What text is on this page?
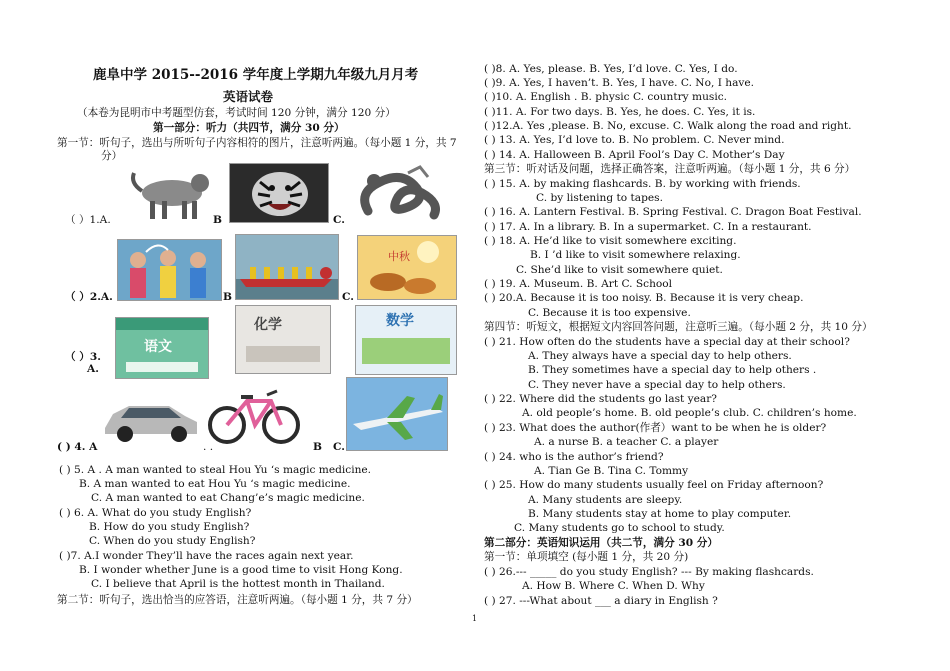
鹿阜中学 2015--2016 学年度上学期九年级九月月考
英语试卷
（本卷为昆明市中考题型仿套，考试时间 120 分钟，满分 120 分）
第一部分：听力（共四节，满分 30 分）
第一节：听句子，选出与所听句子内容相符的图片，注意听两遍。（每小题 1 分，共 7
分）
（ ）1.A.	B	C.
（ ）2.A.	B	C.
中秋
（ ）3.
A.
语文
化学	数学
( ) 4. A	. .	B C.
( ) 5. A . A man wanted to steal Hou Yu ‘s magic medicine.
B. A man wanted to eat Hou Yu ‘s magic medicine.
C. A man wanted to eat Chang’e’s magic medicine.
( ) 6. A. What do you study English?
B. How do you study English?
C. When do you study English?
( )7. A.I wonder They’ll have the races again next year.
B. I wonder whether June is a good time to visit Hong Kong.
C. I believe that April is the hottest month in Thailand.
第二节：听句子，选出恰当的应答语，注意听两遍。（每小题 1 分，共 7 分）
( )8. A. Yes, please. B. Yes, I’d love. C. Yes, I do.
( )9. A. Yes, I haven’t. B. Yes, I have. C. No, I have.
( )10. A. English . B. physic C. country music.
( )11. A. For two days. B. Yes, he does. C. Yes, it is.
( )12.A. Yes ,please. B. No, excuse. C. Walk along the road and right.
( ) 13. A. Yes, I’d love to. B. No problem. C. Never mind.
( ) 14. A. Halloween B. April Fool’s Day C. Mother’s Day
第三节：听对话及问题，选择正确答案，注意听两遍。（每小题 1 分，共 6 分）
( ) 15. A. by making flashcards. B. by working with friends.
C. by listening to tapes.
( ) 16. A. Lantern Festival. B. Spring Festival. C. Dragon Boat Festival.
( ) 17. A. In a library. B. In a supermarket. C. In a restaurant.
( ) 18. A. He’d like to visit somewhere exciting.
B. I ’d like to visit somewhere relaxing.
C. She’d like to visit somewhere quiet.
( ) 19. A. Museum. B. Art C. School
( ) 20.A. Because it is too noisy. B. Because it is very cheap.
C. Because it is too expensive.
第四节：听短文，根据短文内容回答问题，注意听三遍。（每小题 2 分，共 10 分）
( ) 21. How often do the students have a special day at their school?
A. They always have a special day to help others.
B. They sometimes have a special day to help others .
C. They never have a special day to help others.
( ) 22. Where did the students go last year?
A. old people’s home. B. old people’s club. C. children’s home.
( ) 23. What does the author(作者）want to be when he is older?
A. a nurse B. a teacher C. a player
( ) 24. who is the author’s friend?
A. Tian Ge B. Tina C. Tommy
( ) 25. How do many students usually feel on Friday afternoon?
A. Many students are sleepy.
B. Many students stay at home to play computer.
C. Many students go to school to study.
第二部分：英语知识运用（共二节，满分 30 分）
第一节：单项填空 (每小题 1 分，共 20 分)
( ) 26.--- _____ do you study English? --- By making flashcards.
A. How B. Where C. When D. Why
( ) 27. ---What about ___ a diary in English ?
1
